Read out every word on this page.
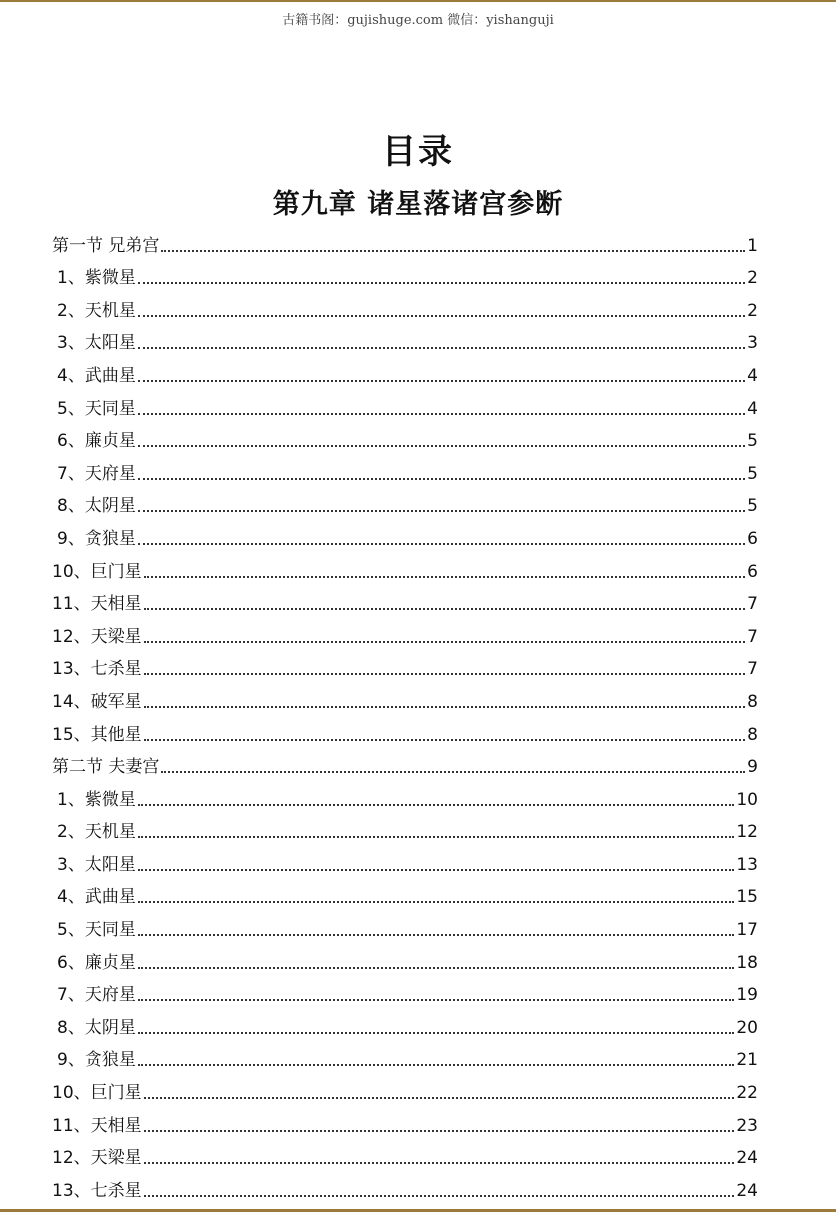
古籍书阁：gujishuge.com 微信：yishanguji
目录
第九章 诸星落诸宫参断
第一节 兄弟宫	1
1、紫微星	2
2、天机星	2
3、太阳星	3
4、武曲星	4
5、天同星	4
6、廉贞星	5
7、天府星	5
8、太阴星	5
9、贪狼星	6
10、巨门星	6
11、天相星	7
12、天梁星	7
13、七杀星	7
14、破军星	8
15、其他星	8
第二节 夫妻宫	9
1、紫微星	10
2、天机星	12
3、太阳星	13
4、武曲星	15
5、天同星	17
6、廉贞星	18
7、天府星	19
8、太阴星	20
9、贪狼星	21
10、巨门星	22
11、天相星	23
12、天梁星	24
13、七杀星	24
